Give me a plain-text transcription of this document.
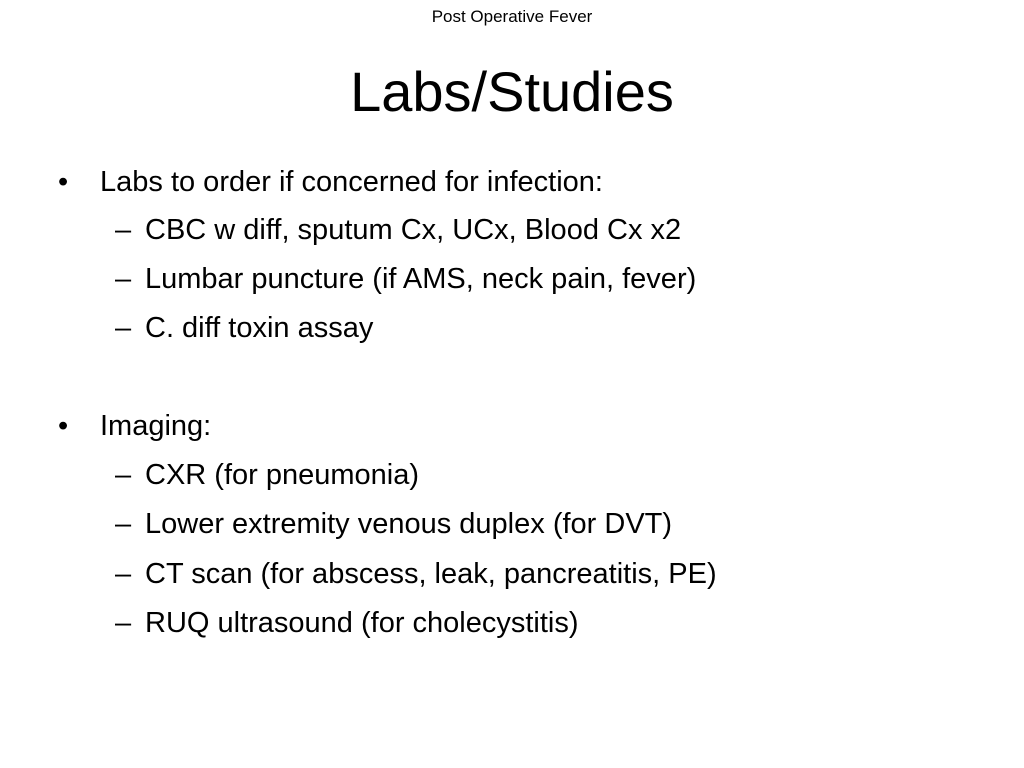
Post Operative Fever
Labs/Studies
•	Labs to order if concerned for infection:
– CBC w diff, sputum Cx, UCx, Blood Cx x2
– Lumbar puncture (if AMS, neck pain, fever)
– C. diff toxin assay
•	Imaging:
– CXR (for pneumonia)
– Lower extremity venous duplex (for DVT)
– CT scan (for abscess, leak, pancreatitis, PE)
– RUQ ultrasound (for cholecystitis)
